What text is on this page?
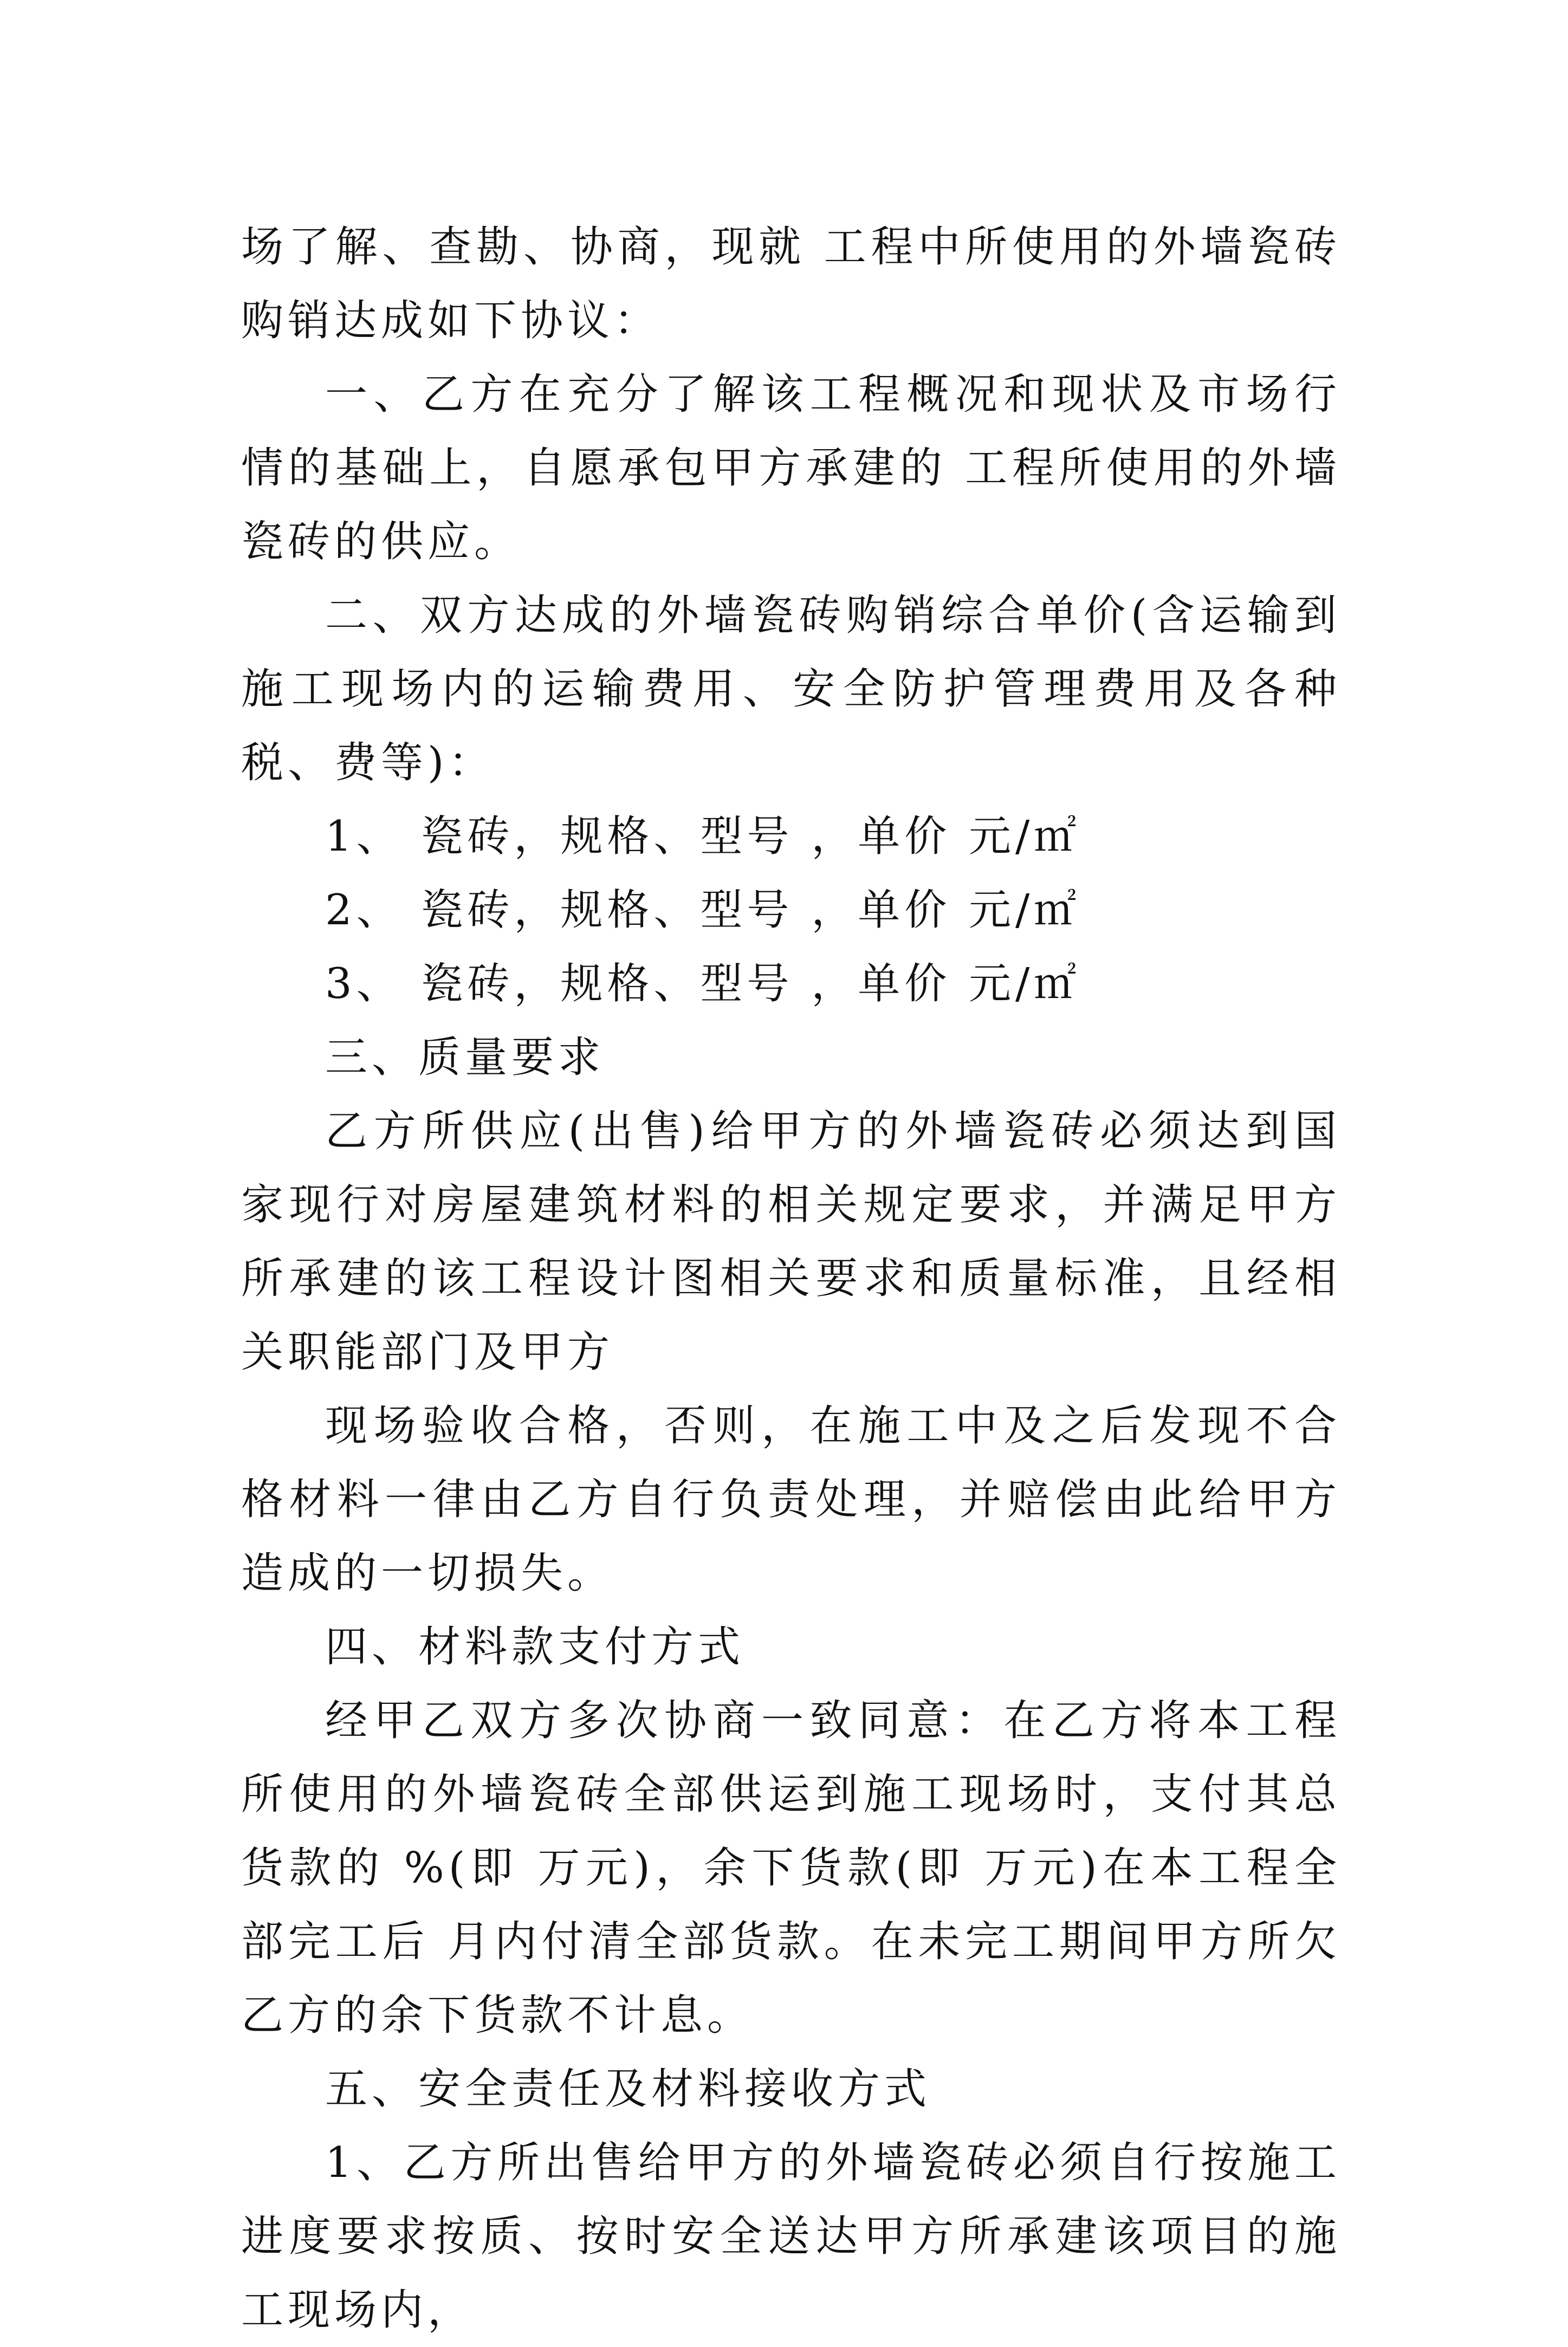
场了解、查勘、协商，现就 工程中所使用的外墙瓷砖购销达成如下协议：

一、乙方在充分了解该工程概况和现状及市场行情的基础上，自愿承包甲方承建的 工程所使用的外墙瓷砖的供应。

二、双方达成的外墙瓷砖购销综合单价(含运输到施工现场内的运输费用、安全防护管理费用及各种税、费等)：

1、 瓷砖，规格、型号 ，单价 元/㎡

2、 瓷砖，规格、型号 ，单价 元/㎡

3、 瓷砖，规格、型号 ，单价 元/㎡

三、质量要求

乙方所供应(出售)给甲方的外墙瓷砖必须达到国家现行对房屋建筑材料的相关规定要求，并满足甲方所承建的该工程设计图相关要求和质量标准，且经相关职能部门及甲方

现场验收合格，否则，在施工中及之后发现不合格材料一律由乙方自行负责处理，并赔偿由此给甲方造成的一切损失。

四、材料款支付方式

经甲乙双方多次协商一致同意：在乙方将本工程所使用的外墙瓷砖全部供运到施工现场时，支付其总货款的 %(即 万元)，余下货款(即 万元)在本工程全部完工后 月内付清全部货款。在未完工期间甲方所欠乙方的余下货款不计息。

五、安全责任及材料接收方式

1、乙方所出售给甲方的外墙瓷砖必须自行按施工进度要求按质、按时安全送达甲方所承建该项目的施工现场内，
